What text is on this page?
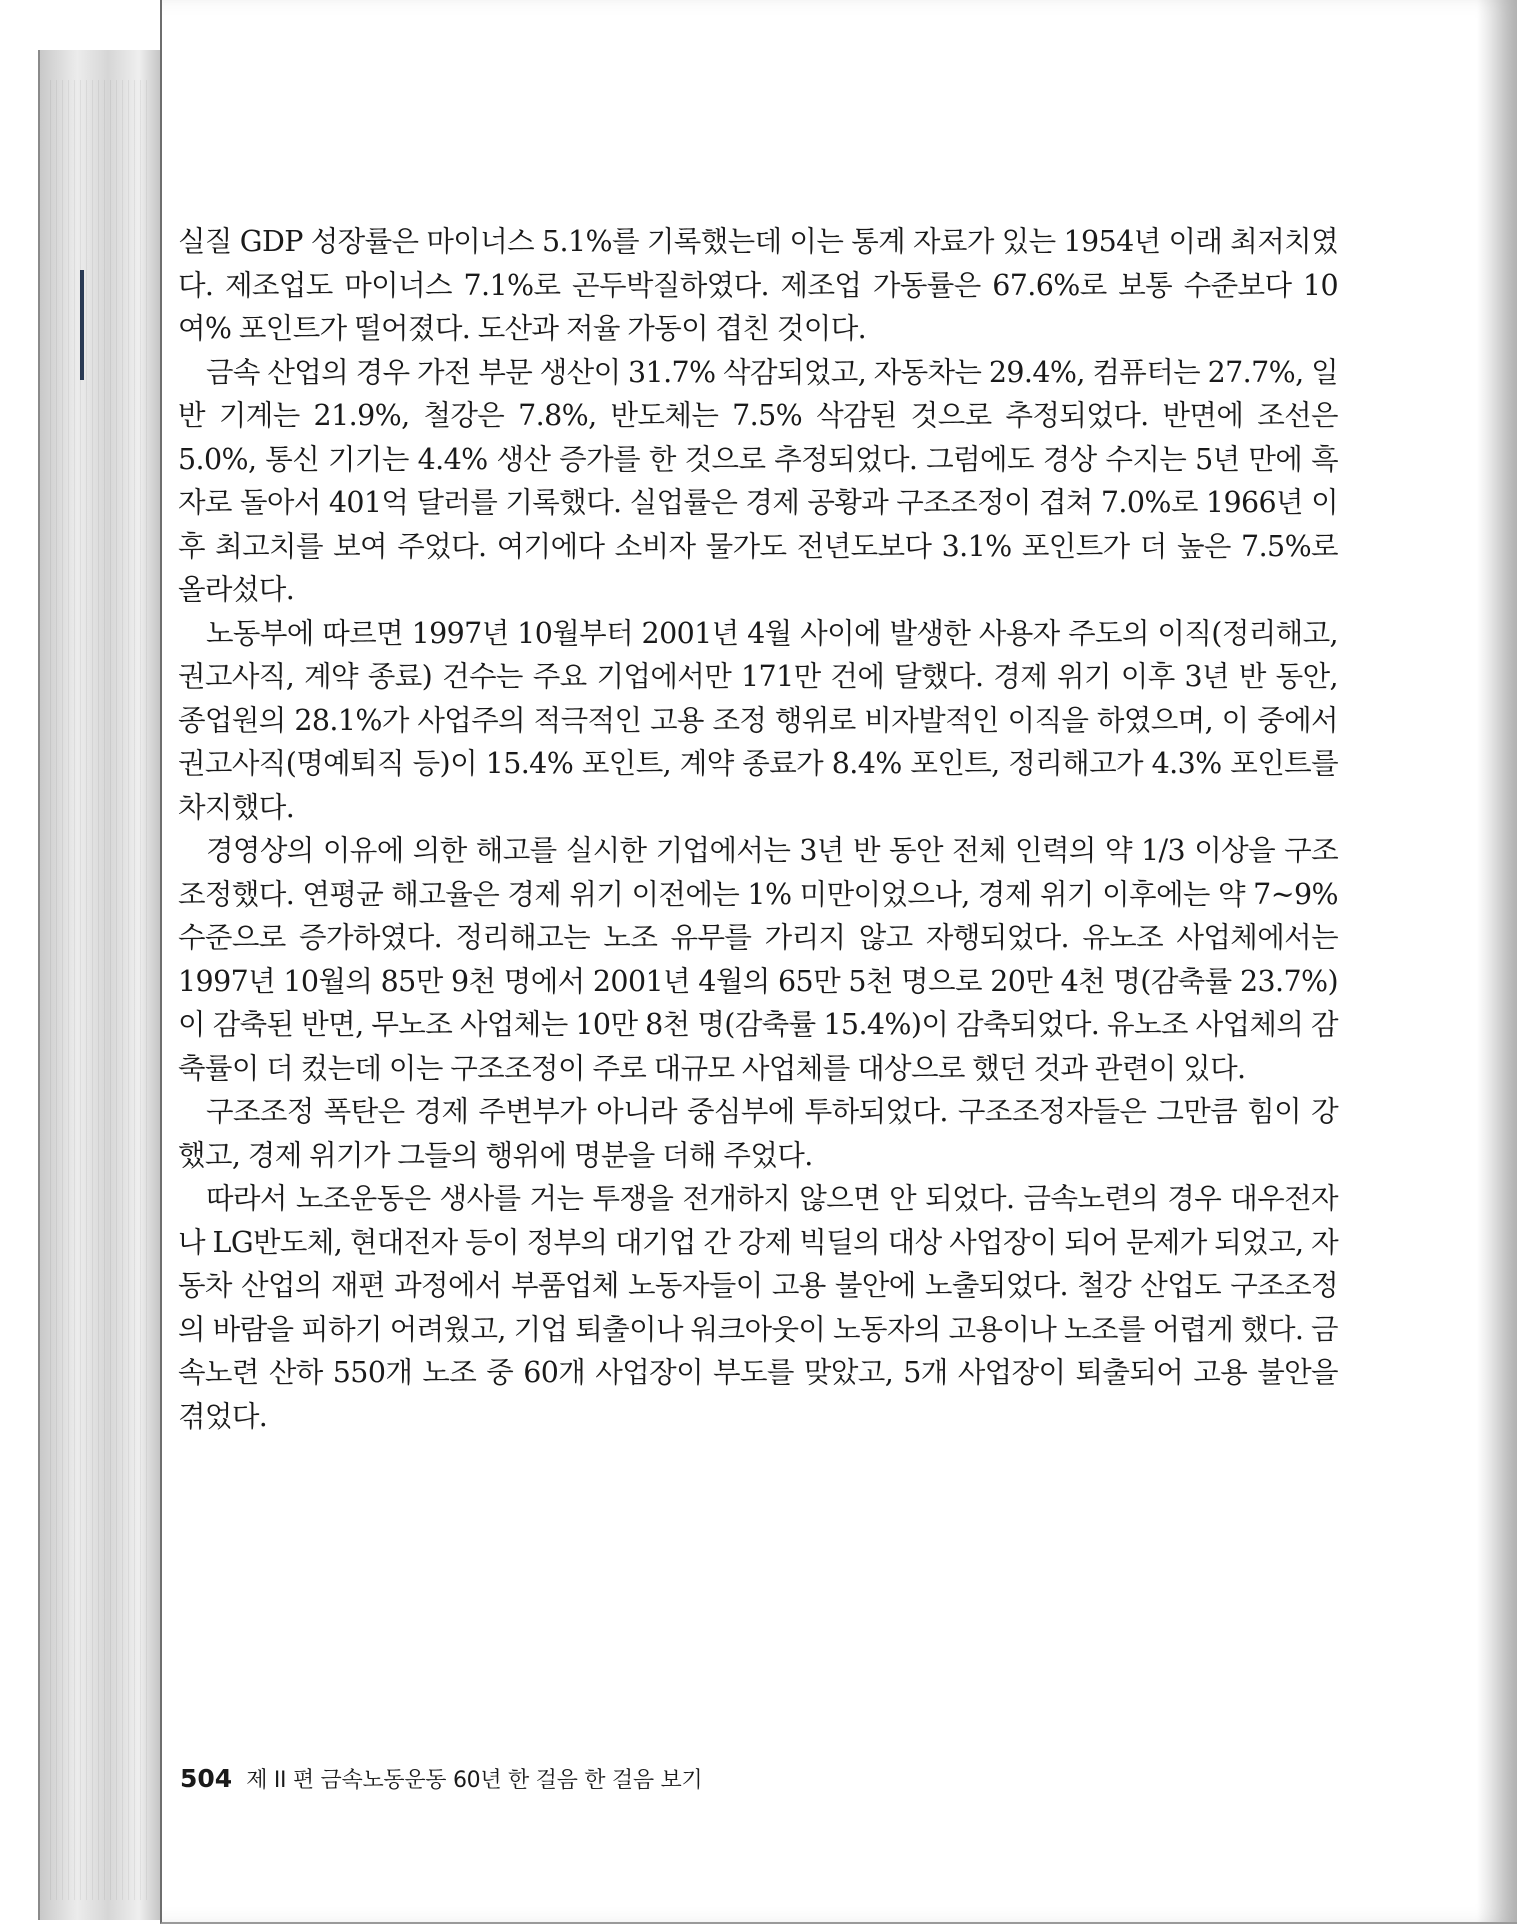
실질 GDP 성장률은 마이너스 5.1%를 기록했는데 이는 통계 자료가 있는 1954년 이래 최저치였다. 제조업도 마이너스 7.1%로 곤두박질하였다. 제조업 가동률은 67.6%로 보통 수준보다 10여% 포인트가 떨어졌다. 도산과 저율 가동이 겹친 것이다.

금속 산업의 경우 가전 부문 생산이 31.7% 삭감되었고, 자동차는 29.4%, 컴퓨터는 27.7%, 일반 기계는 21.9%, 철강은 7.8%, 반도체는 7.5% 삭감된 것으로 추정되었다. 반면에 조선은 5.0%, 통신 기기는 4.4% 생산 증가를 한 것으로 추정되었다. 그럼에도 경상 수지는 5년 만에 흑자로 돌아서 401억 달러를 기록했다. 실업률은 경제 공황과 구조조정이 겹쳐 7.0%로 1966년 이후 최고치를 보여 주었다. 여기에다 소비자 물가도 전년도보다 3.1% 포인트가 더 높은 7.5%로 올라섰다.

노동부에 따르면 1997년 10월부터 2001년 4월 사이에 발생한 사용자 주도의 이직(정리해고, 권고사직, 계약 종료) 건수는 주요 기업에서만 171만 건에 달했다. 경제 위기 이후 3년 반 동안, 종업원의 28.1%가 사업주의 적극적인 고용 조정 행위로 비자발적인 이직을 하였으며, 이 중에서 권고사직(명예퇴직 등)이 15.4% 포인트, 계약 종료가 8.4% 포인트, 정리해고가 4.3% 포인트를 차지했다.

경영상의 이유에 의한 해고를 실시한 기업에서는 3년 반 동안 전체 인력의 약 1/3 이상을 구조조정했다. 연평균 해고율은 경제 위기 이전에는 1% 미만이었으나, 경제 위기 이후에는 약 7~9% 수준으로 증가하였다. 정리해고는 노조 유무를 가리지 않고 자행되었다. 유노조 사업체에서는 1997년 10월의 85만 9천 명에서 2001년 4월의 65만 5천 명으로 20만 4천 명(감축률 23.7%)이 감축된 반면, 무노조 사업체는 10만 8천 명(감축률 15.4%)이 감축되었다. 유노조 사업체의 감축률이 더 컸는데 이는 구조조정이 주로 대규모 사업체를 대상으로 했던 것과 관련이 있다.

구조조정 폭탄은 경제 주변부가 아니라 중심부에 투하되었다. 구조조정자들은 그만큼 힘이 강했고, 경제 위기가 그들의 행위에 명분을 더해 주었다.

따라서 노조운동은 생사를 거는 투쟁을 전개하지 않으면 안 되었다. 금속노련의 경우 대우전자나 LG반도체, 현대전자 등이 정부의 대기업 간 강제 빅딜의 대상 사업장이 되어 문제가 되었고, 자동차 산업의 재편 과정에서 부품업체 노동자들이 고용 불안에 노출되었다. 철강 산업도 구조조정의 바람을 피하기 어려웠고, 기업 퇴출이나 워크아웃이 노동자의 고용이나 노조를 어렵게 했다. 금속노련 산하 550개 노조 중 60개 사업장이 부도를 맞았고, 5개 사업장이 퇴출되어 고용 불안을 겪었다.

504 제 II 편 금속노동운동 60년 한 걸음 한 걸음 보기
